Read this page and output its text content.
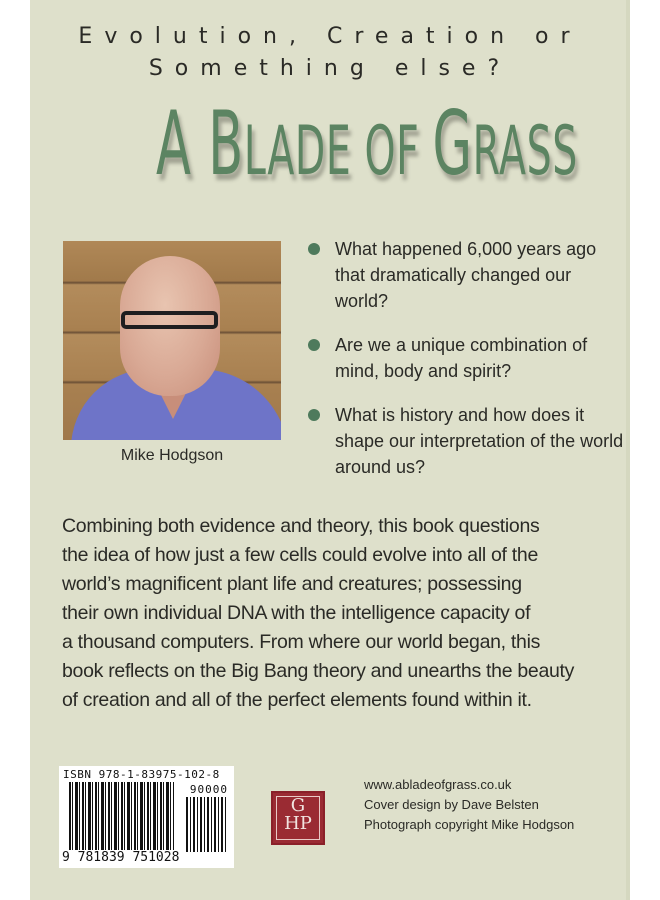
Evolution, Creation or
Something else?
A BLADE OF GRASS
Mike Hodgson
What happened 6,000 years ago that dramatically changed our world?
Are we a unique combination of mind, body and spirit?
What is history and how does it shape our interpretation of the world around us?
Combining both evidence and theory, this book questions
the idea of how just a few cells could evolve into all of the
world’s magnificent plant life and creatures; possessing
their own individual DNA with the intelligence capacity of
a thousand computers. From where our world began, this
book reflects on the Big Bang theory and unearths the beauty
of creation and all of the perfect elements found within it.
ISBN 978-1-83975-102-8
90000
9 781839 751028
G
HP
www.abladeofgrass.co.uk
Cover design by Dave Belsten
Photograph copyright Mike Hodgson
